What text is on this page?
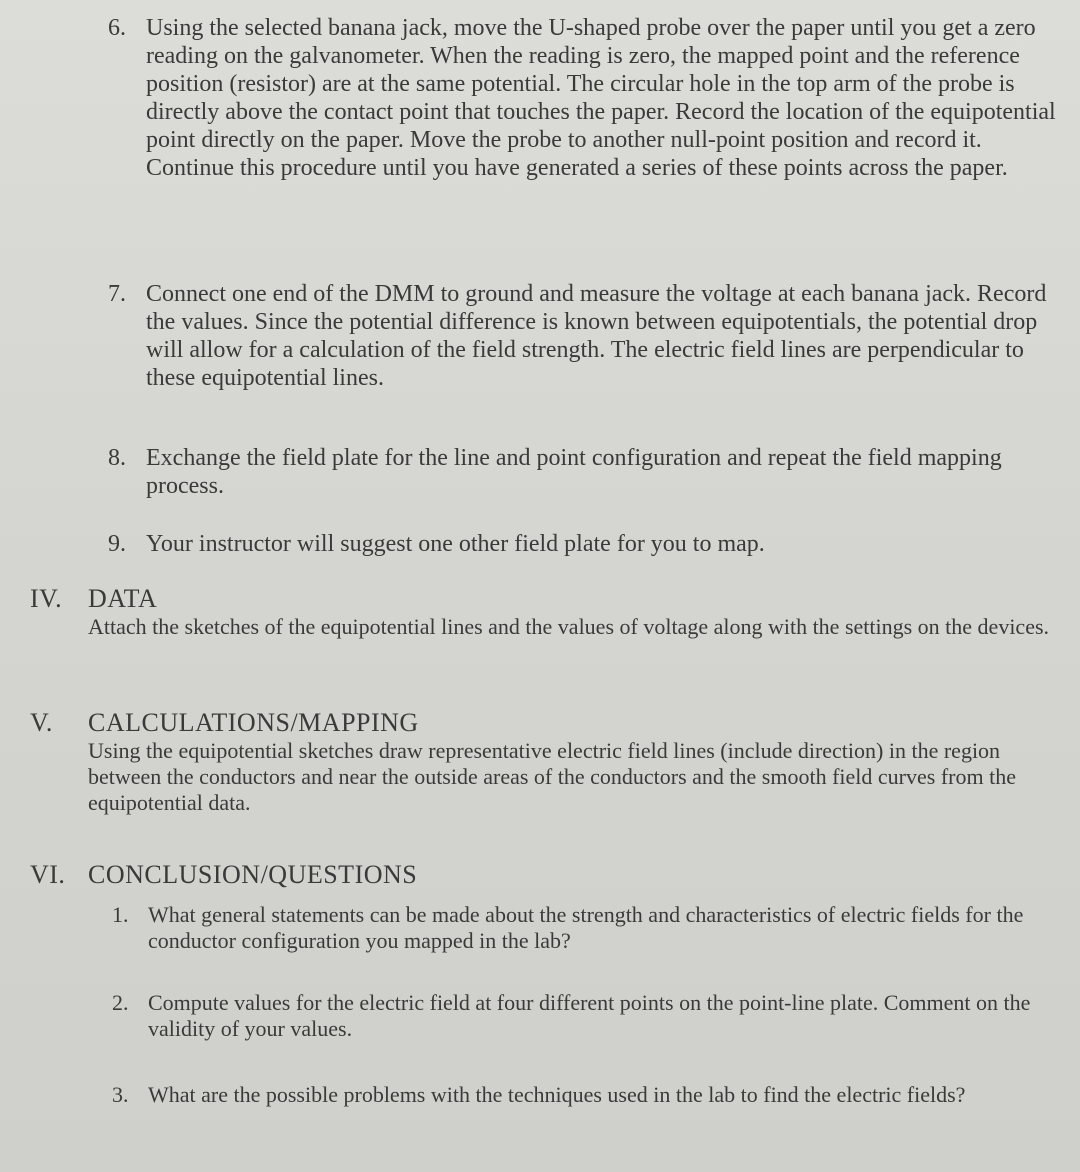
6. Using the selected banana jack, move the U-shaped probe over the paper until you get a zero reading on the galvanometer. When the reading is zero, the mapped point and the reference position (resistor) are at the same potential. The circular hole in the top arm of the probe is directly above the contact point that touches the paper. Record the location of the equipotential point directly on the paper. Move the probe to another null-point position and record it. Continue this procedure until you have generated a series of these points across the paper.
7. Connect one end of the DMM to ground and measure the voltage at each banana jack. Record the values. Since the potential difference is known between equipotentials, the potential drop will allow for a calculation of the field strength. The electric field lines are perpendicular to these equipotential lines.
8. Exchange the field plate for the line and point configuration and repeat the field mapping process.
9. Your instructor will suggest one other field plate for you to map.
IV. DATA
Attach the sketches of the equipotential lines and the values of voltage along with the settings on the devices.
V. CALCULATIONS/MAPPING
Using the equipotential sketches draw representative electric field lines (include direction) in the region between the conductors and near the outside areas of the conductors and the smooth field curves from the equipotential data.
VI. CONCLUSION/QUESTIONS
1. What general statements can be made about the strength and characteristics of electric fields for the conductor configuration you mapped in the lab?
2. Compute values for the electric field at four different points on the point-line plate. Comment on the validity of your values.
3. What are the possible problems with the techniques used in the lab to find the electric fields?
